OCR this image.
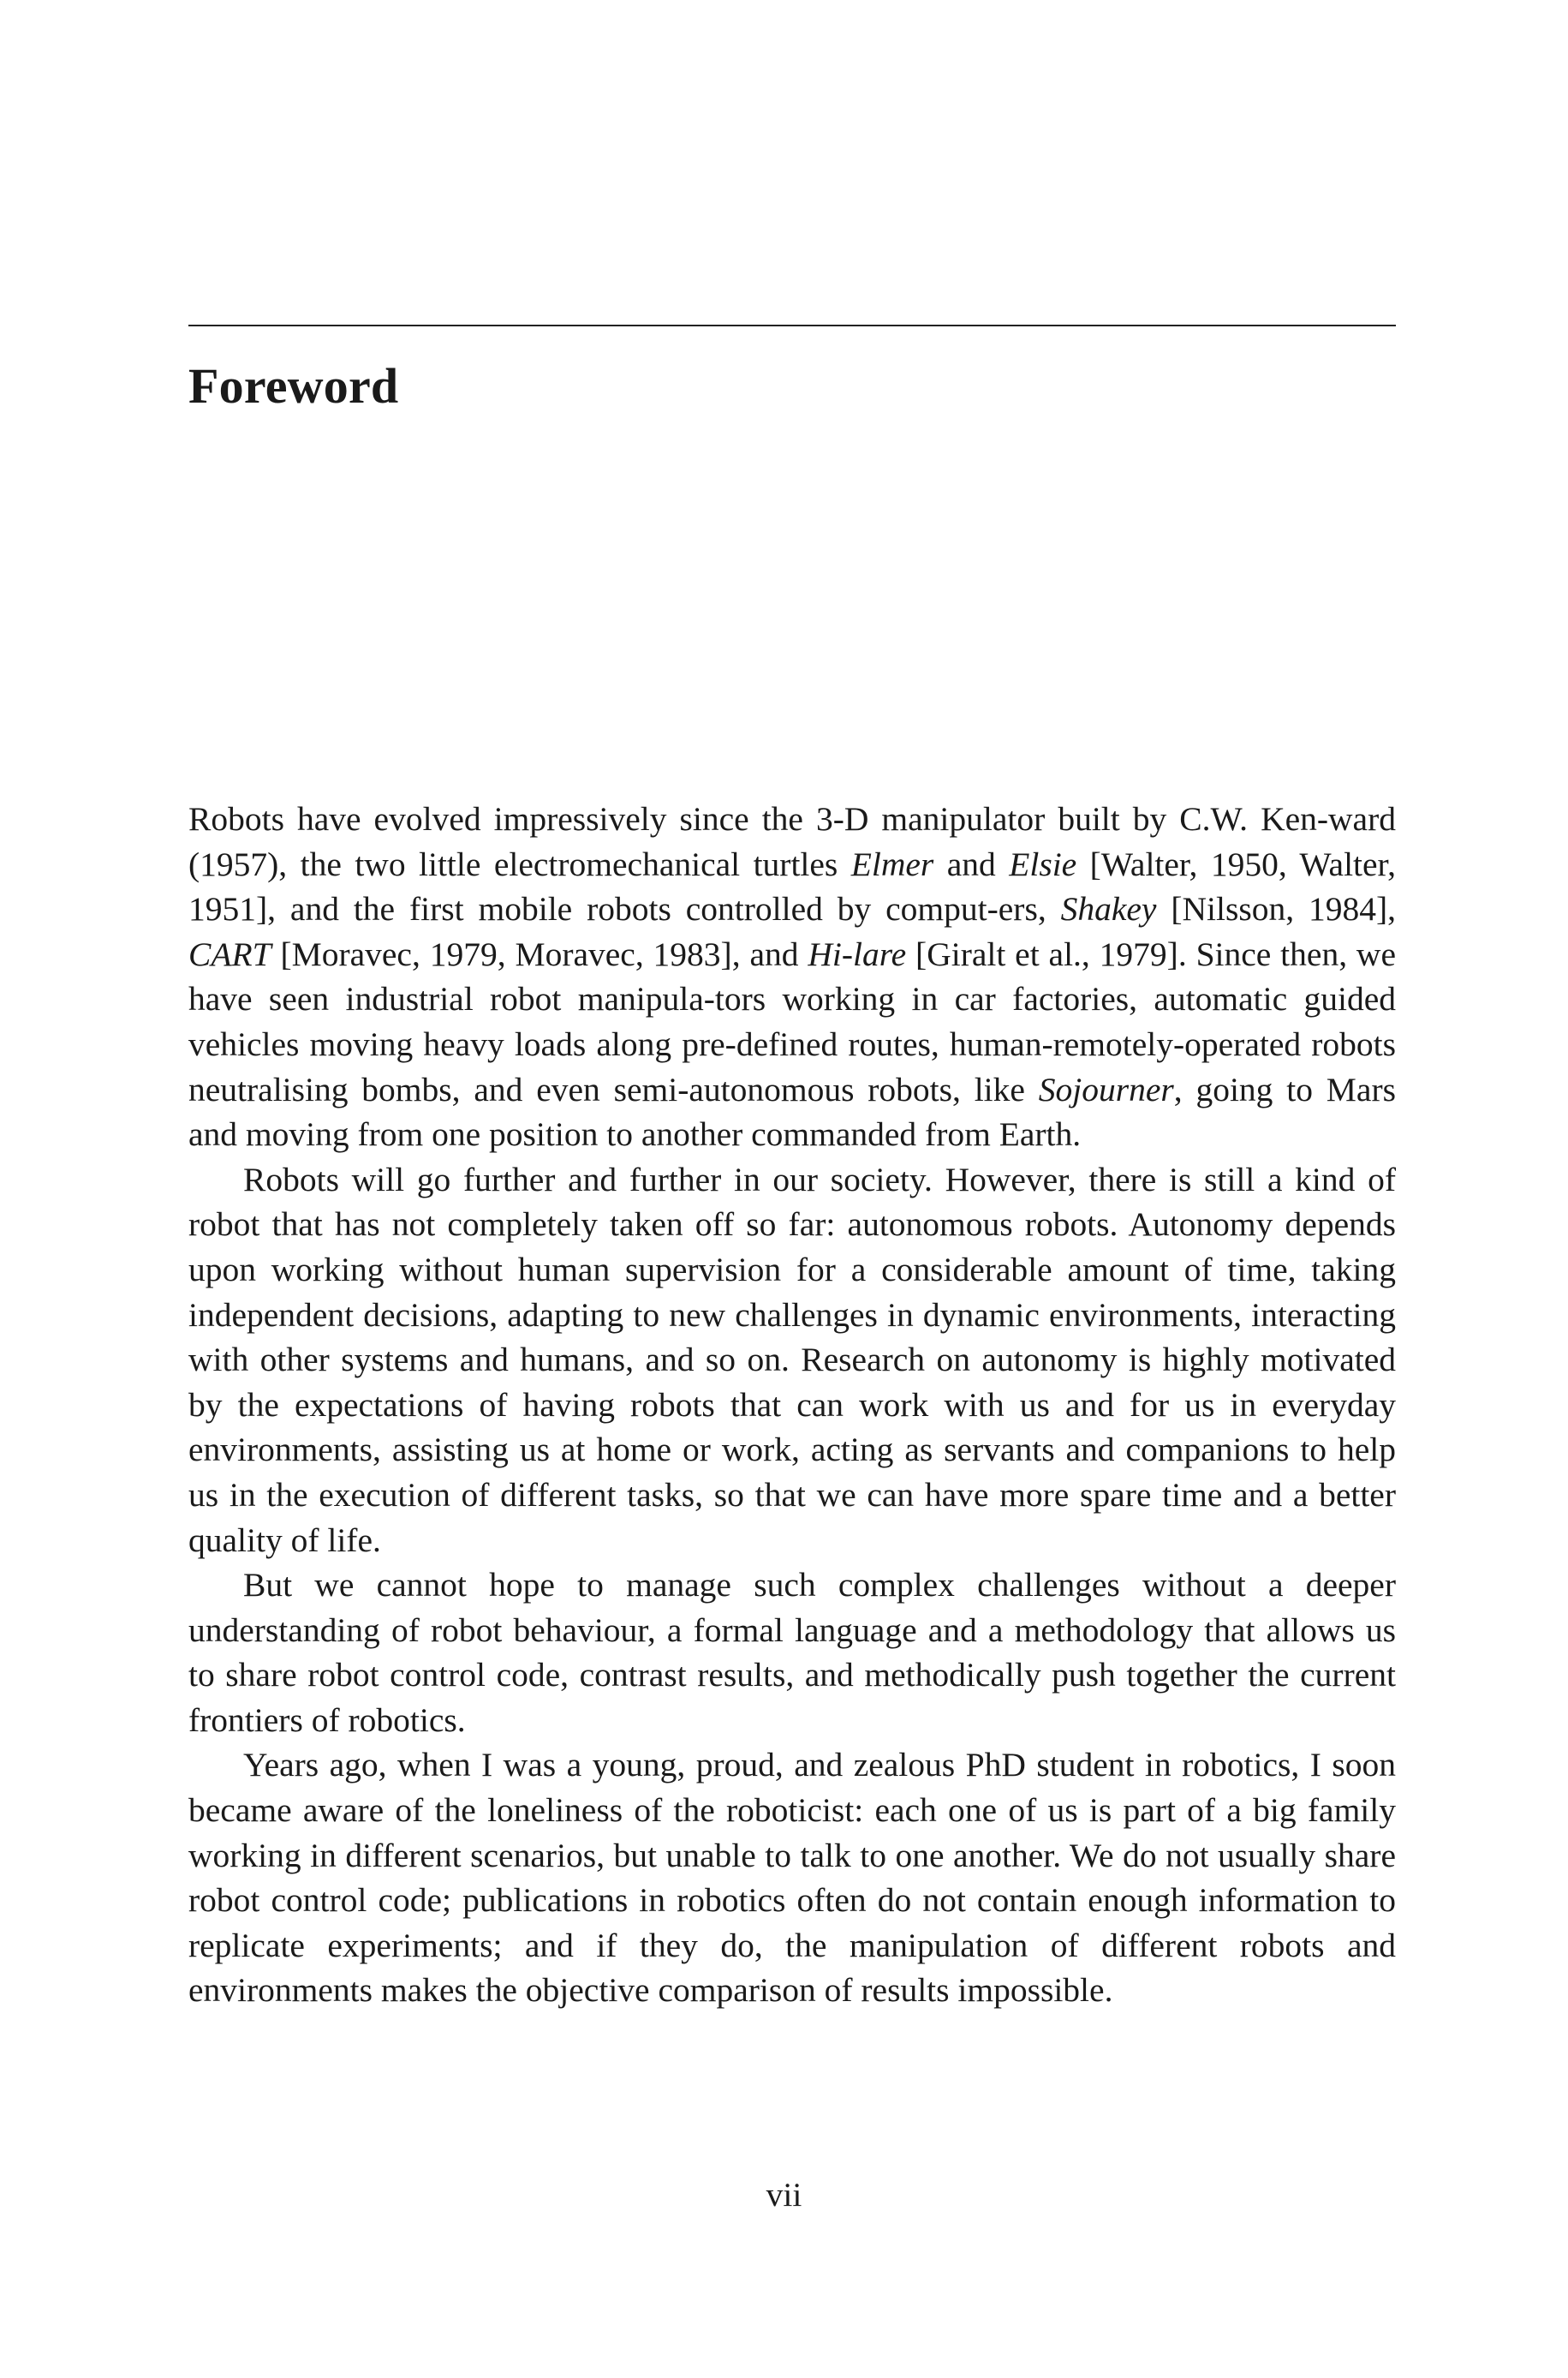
Foreword

Robots have evolved impressively since the 3-D manipulator built by C.W. Ken-ward (1957), the two little electromechanical turtles Elmer and Elsie [Walter, 1950, Walter, 1951], and the first mobile robots controlled by comput-ers, Shakey [Nilsson, 1984], CART [Moravec, 1979, Moravec, 1983], and Hi-lare [Giralt et al., 1979]. Since then, we have seen industrial robot manipula-tors working in car factories, automatic guided vehicles moving heavy loads along pre-defined routes, human-remotely-operated robots neutralising bombs, and even semi-autonomous robots, like Sojourner, going to Mars and moving from one position to another commanded from Earth.

Robots will go further and further in our society. However, there is still a kind of robot that has not completely taken off so far: autonomous robots. Autonomy depends upon working without human supervision for a considerable amount of time, taking independent decisions, adapting to new challenges in dynamic environments, interacting with other systems and humans, and so on. Research on autonomy is highly motivated by the expectations of having robots that can work with us and for us in everyday environments, assisting us at home or work, acting as servants and companions to help us in the execution of different tasks, so that we can have more spare time and a better quality of life.

But we cannot hope to manage such complex challenges without a deeper understanding of robot behaviour, a formal language and a methodology that allows us to share robot control code, contrast results, and methodically push together the current frontiers of robotics.

Years ago, when I was a young, proud, and zealous PhD student in robotics, I soon became aware of the loneliness of the roboticist: each one of us is part of a big family working in different scenarios, but unable to talk to one another. We do not usually share robot control code; publications in robotics often do not contain enough information to replicate experiments; and if they do, the manipulation of different robots and environments makes the objective comparison of results impossible.

vii
